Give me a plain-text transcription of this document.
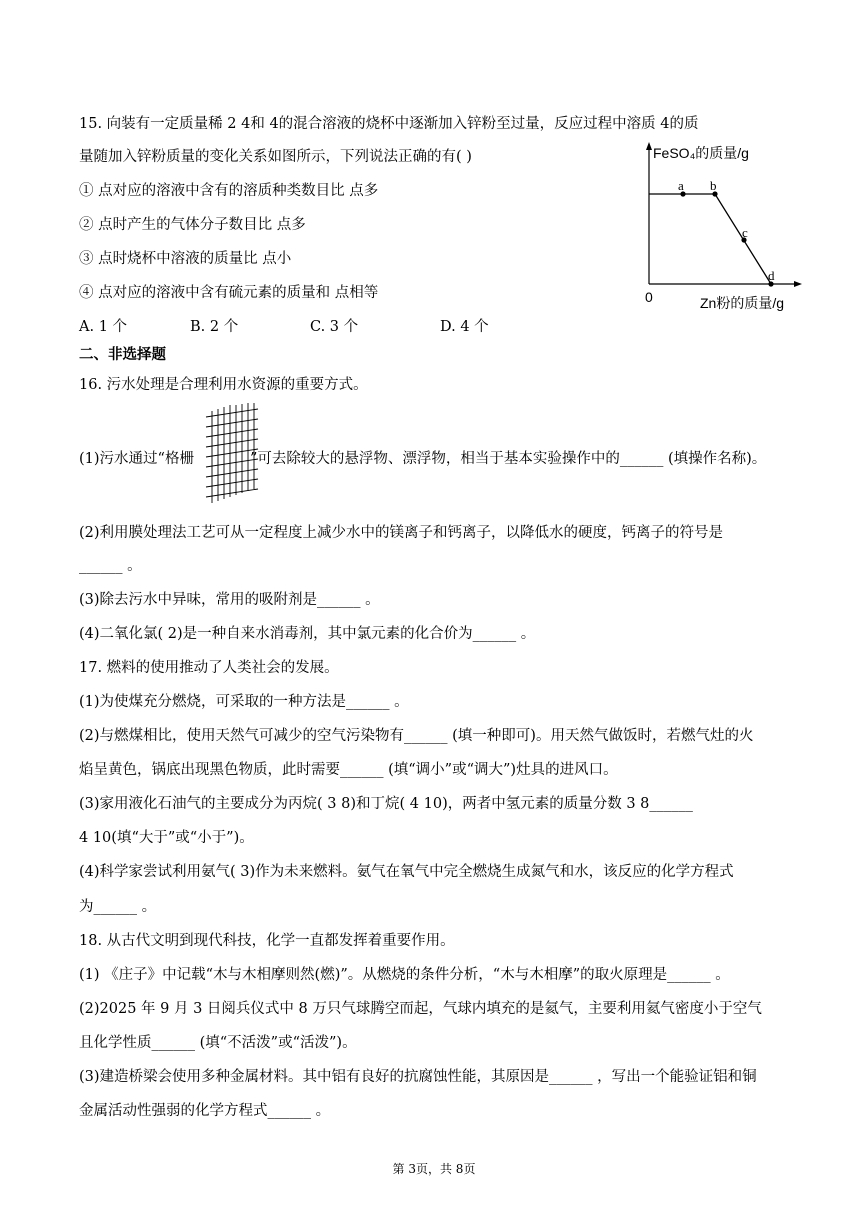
15. 向装有一定质量稀 2 4和 4的混合溶液的烧杯中逐渐加入锌粉至过量，反应过程中溶质 4的质
量随加入锌粉质量的变化关系如图所示，下列说法正确的有( )
① 点对应的溶液中含有的溶质种类数目比 点多
② 点时产生的气体分子数目比 点多
③ 点时烧杯中溶液的质量比 点小
④ 点对应的溶液中含有硫元素的质量和 点相等
A. 1 个	B. 2 个	C. 3 个	D. 4 个
FeSO₄的质量/g
Zn粉的质量/g
0
a b
c
d
二、非选择题
16. 污水处理是合理利用水资源的重要方式。
(1)污水通过“格栅	”可去除较大的悬浮物、漂浮物，相当于基本实验操作中的______ (填操作名称)。
(2)利用膜处理法工艺可从一定程度上减少水中的镁离子和钙离子，以降低水的硬度，钙离子的符号是
______ 。
(3)除去污水中异味，常用的吸附剂是______ 。
(4)二氧化氯( 2)是一种自来水消毒剂，其中氯元素的化合价为______ 。
17. 燃料的使用推动了人类社会的发展。
(1)为使煤充分燃烧，可采取的一种方法是______ 。
(2)与燃煤相比，使用天然气可减少的空气污染物有______ (填一种即可)。用天然气做饭时，若燃气灶的火
焰呈黄色，锅底出现黑色物质，此时需要______ (填“调小”或“调大”)灶具的进风口。
(3)家用液化石油气的主要成分为丙烷( 3 8)和丁烷( 4 10)，两者中氢元素的质量分数 3 8______
4 10(填“大于”或“小于”)。
(4)科学家尝试利用氨气( 3)作为未来燃料。氨气在氧气中完全燃烧生成氮气和水，该反应的化学方程式
为______ 。
18. 从古代文明到现代科技，化学一直都发挥着重要作用。
(1) 《庄子》中记载“木与木相摩则然(燃)”。从燃烧的条件分析，“木与木相摩”的取火原理是______ 。
(2)2025 年 9 月 3 日阅兵仪式中 8 万只气球腾空而起，气球内填充的是氦气，主要利用氦气密度小于空气
且化学性质______ (填“不活泼”或“活泼”)。
(3)建造桥梁会使用多种金属材料。其中铝有良好的抗腐蚀性能，其原因是______ ，写出一个能验证铝和铜
金属活动性强弱的化学方程式______ 。
第 3页，共 8页
